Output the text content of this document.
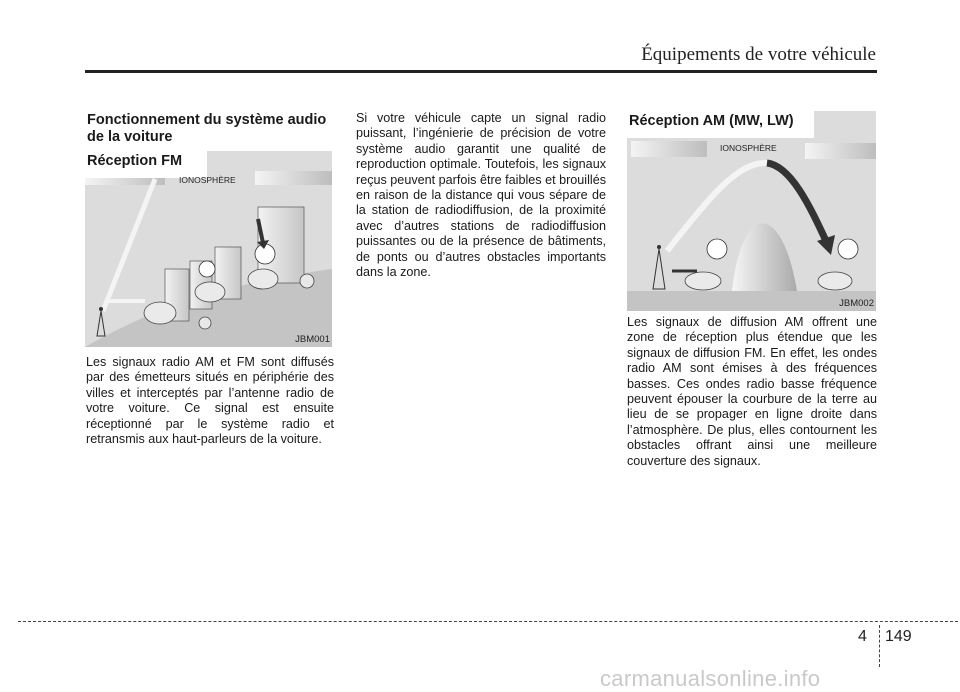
Équipements de votre véhicule
Fonctionnement du système audio de la voiture
Réception FM
IONOSPHÈRE
JBM001
Les signaux radio AM et FM sont diffusés par des émetteurs situés en périphérie des villes et interceptés par l’antenne radio de votre voiture. Ce signal est ensuite réceptionné par le système radio et retransmis aux haut-parleurs de la voiture.
Si votre véhicule capte un signal radio puissant, l’ingénierie de précision de votre système audio garantit une qualité de reproduction optimale. Toutefois, les signaux reçus peuvent parfois être faibles et brouillés en raison de la distance qui vous sépare de la station de radiodiffusion, de la proximité avec d’autres stations de radiodiffusion puissantes ou de la présence de bâtiments, de ponts ou d’autres obstacles importants dans la zone.
Réception AM (MW, LW)
IONOSPHÈRE
JBM002
Les signaux de diffusion AM offrent une zone de réception plus étendue que les signaux de diffusion FM. En effet, les ondes radio AM sont émises à des fréquences basses. Ces ondes radio basse fréquence peuvent épouser la courbure de la terre au lieu de se propager en ligne droite dans l’atmosphère. De plus, elles contournent les obstacles offrant ainsi une meilleure couverture des signaux.
4 149
carmanualsonline.info
